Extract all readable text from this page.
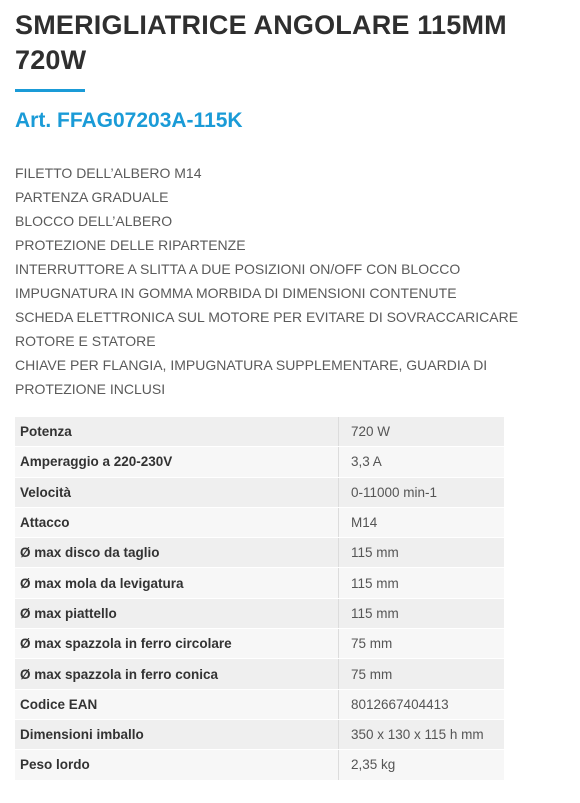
SMERIGLIATRICE ANGOLARE 115MM 720W
Art. FFAG07203A-115K
FILETTO DELL’ALBERO M14
PARTENZA GRADUALE
BLOCCO DELL’ALBERO
PROTEZIONE DELLE RIPARTENZE
INTERRUTTORE A SLITTA A DUE POSIZIONI ON/OFF CON BLOCCO
IMPUGNATURA IN GOMMA MORBIDA DI DIMENSIONI CONTENUTE
SCHEDA ELETTRONICA SUL MOTORE PER EVITARE DI SOVRACCARICARE ROTORE E STATORE
CHIAVE PER FLANGIA, IMPUGNATURA SUPPLEMENTARE, GUARDIA DI PROTEZIONE INCLUSI
Potenza	720 W
Amperaggio a 220-230V	3,3 A
Velocità	0-11000 min-1
Attacco	M14
Ø max disco da taglio	115 mm
Ø max mola da levigatura	115 mm
Ø max piattello	115 mm
Ø max spazzola in ferro circolare	75 mm
Ø max spazzola in ferro conica	75 mm
Codice EAN	8012667404413
Dimensioni imballo	350 x 130 x 115 h mm
Peso lordo	2,35 kg
